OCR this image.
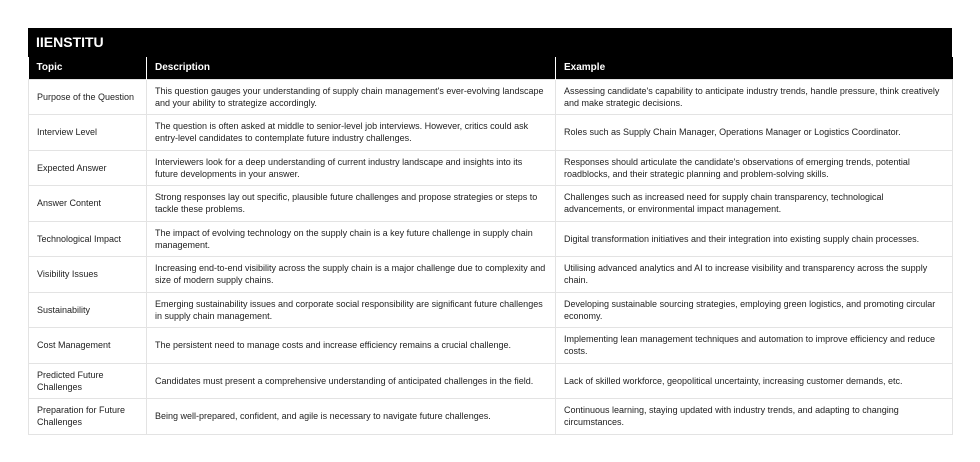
IIENSTITU
Topic	Description	Example
Purpose of the Question	This question gauges your understanding of supply chain management's ever-evolving landscape and your ability to strategize accordingly.	Assessing candidate's capability to anticipate industry trends, handle pressure, think creatively and make strategic decisions.
Interview Level	The question is often asked at middle to senior-level job interviews. However, critics could ask entry-level candidates to contemplate future industry challenges.	Roles such as Supply Chain Manager, Operations Manager or Logistics Coordinator.
Expected Answer	Interviewers look for a deep understanding of current industry landscape and insights into its future developments in your answer.	Responses should articulate the candidate's observations of emerging trends, potential roadblocks, and their strategic planning and problem-solving skills.
Answer Content	Strong responses lay out specific, plausible future challenges and propose strategies or steps to tackle these problems.	Challenges such as increased need for supply chain transparency, technological advancements, or environmental impact management.
Technological Impact	The impact of evolving technology on the supply chain is a key future challenge in supply chain management.	Digital transformation initiatives and their integration into existing supply chain processes.
Visibility Issues	Increasing end-to-end visibility across the supply chain is a major challenge due to complexity and size of modern supply chains.	Utilising advanced analytics and AI to increase visibility and transparency across the supply chain.
Sustainability	Emerging sustainability issues and corporate social responsibility are significant future challenges in supply chain management.	Developing sustainable sourcing strategies, employing green logistics, and promoting circular economy.
Cost Management	The persistent need to manage costs and increase efficiency remains a crucial challenge.	Implementing lean management techniques and automation to improve efficiency and reduce costs.
Predicted Future Challenges	Candidates must present a comprehensive understanding of anticipated challenges in the field.	Lack of skilled workforce, geopolitical uncertainty, increasing customer demands, etc.
Preparation for Future Challenges	Being well-prepared, confident, and agile is necessary to navigate future challenges.	Continuous learning, staying updated with industry trends, and adapting to changing circumstances.
